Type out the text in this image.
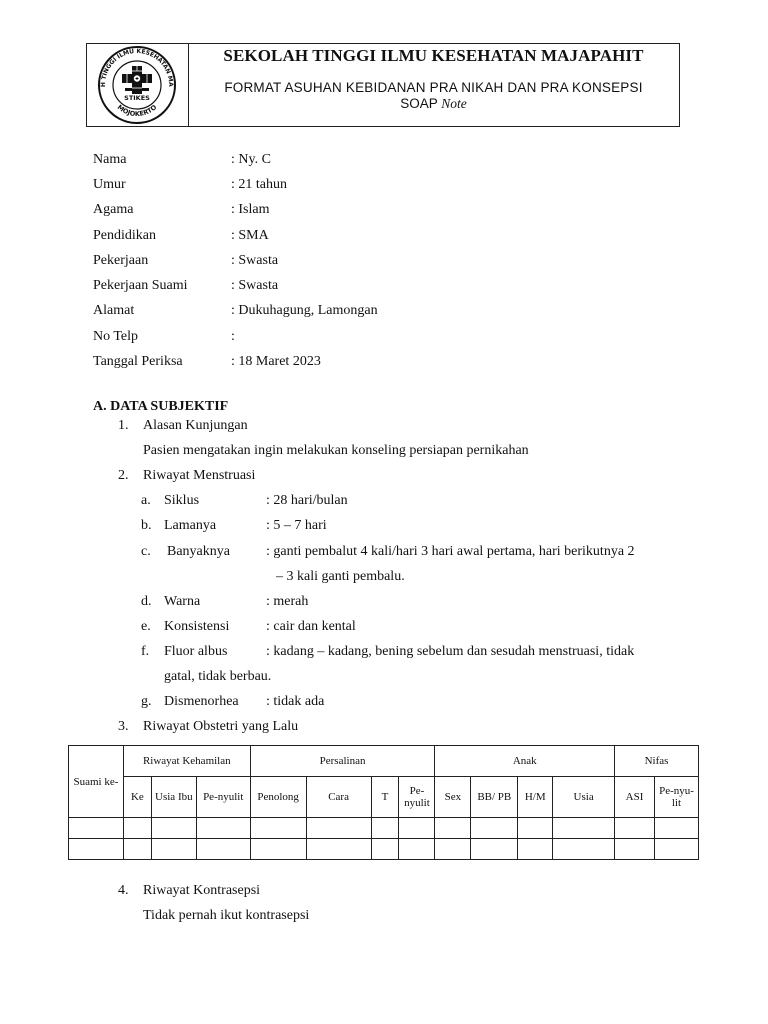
H TINGGI ILMU KESEHATAN MA
MOJOKERTO
STIKES
SEKOLAH TINGGI ILMU KESEHATAN MAJAPAHIT
FORMAT ASUHAN KEBIDANAN PRA NIKAH DAN PRA KONSEPSI
SOAP Note
Nama	: Ny. C
Umur	: 21 tahun
Agama	: Islam
Pendidikan	: SMA
Pekerjaan	: Swasta
Pekerjaan Suami	: Swasta
Alamat	: Dukuhagung, Lamongan
No Telp	:
Tanggal Periksa	: 18 Maret 2023
A. DATA SUBJEKTIF
1. Alasan Kunjungan
Pasien mengatakan ingin melakukan konseling persiapan pernikahan
2. Riwayat Menstruasi
a. Siklus	: 28 hari/bulan
b. Lamanya	: 5 – 7 hari
c. Banyaknya	: ganti pembalut 4 kali/hari 3 hari awal pertama, hari berikutnya 2
– 3 kali ganti pembalu.
d. Warna	: merah
e. Konsistensi	: cair dan kental
f. Fluor albus	: kadang – kadang, bening sebelum dan sesudah menstruasi, tidak
gatal, tidak berbau.
g. Dismenorhea : tidak ada
3. Riwayat Obstetri yang Lalu
Suami ke-	Riwayat Kehamilan			Persalinan				Anak				Nifas	
	Ke	Usia Ibu	Pe-nyulit	Penolong	Cara	T	Pe-nyulit	Sex	BB/ PB	H/M	Usia	ASI	Pe-nyu-lit

4. Riwayat Kontrasepsi
Tidak pernah ikut kontrasepsi
